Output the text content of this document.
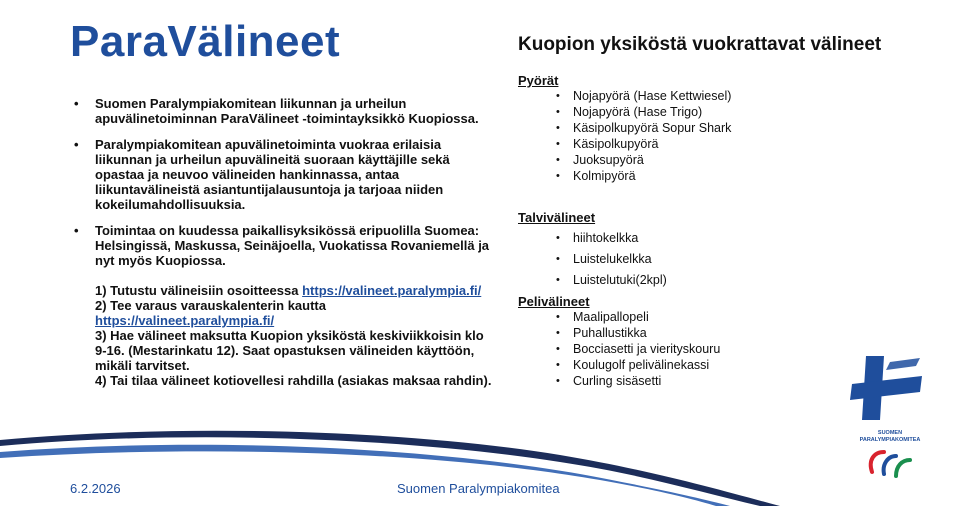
ParaVälineet
• Suomen Paralympiakomitean liikunnan ja urheilun apuvälinetoiminnan ParaVälineet -toimintayksikkö Kuopiossa.
• Paralympiakomitean apuvälinetoiminta vuokraa erilaisia liikunnan ja urheilun apuvälineitä suoraan käyttäjille sekä opastaa ja neuvoo välineiden hankinnassa, antaa liikuntavälineistä asiantuntijalausuntoja ja tarjoaa niiden kokeilumahdollisuuksia.
• Toimintaa on kuudessa paikallisyksikössä eripuolilla Suomea: Helsingissä, Maskussa, Seinäjoella, Vuokatissa Rovaniemellä ja nyt myös Kuopiossa.
1) Tutustu välineisiin osoitteessa https://valineet.paralympia.fi/
2) Tee varaus varauskalenterin kautta https://valineet.paralympia.fi/
3) Hae välineet maksutta Kuopion yksiköstä keskiviikkoisin klo 9-16. (Mestarinkatu 12). Saat opastuksen välineiden käyttöön, mikäli tarvitset.
4) Tai tilaa välineet kotiovellesi rahdilla (asiakas maksaa rahdin).
Kuopion yksiköstä vuokrattavat välineet
Pyörät
• Nojapyörä (Hase Kettwiesel)
• Nojapyörä (Hase Trigo)
• Käsipolkupyörä Sopur Shark
• Käsipolkupyörä
• Juoksupyörä
• Kolmipyörä
Talvivälineet
• hiihtokelkka
• Luistelukelkka
• Luistelutuki(2kpl)
Pelivälineet
• Maalipallopeli
• Puhallustikka
• Bocciasetti ja vierityskouru
• Koulugolf pelivälinekassi
• Curling sisäsetti
SUOMEN
PARALYMPIAKOMITEA
6.2.2026	Suomen Paralympiakomitea
